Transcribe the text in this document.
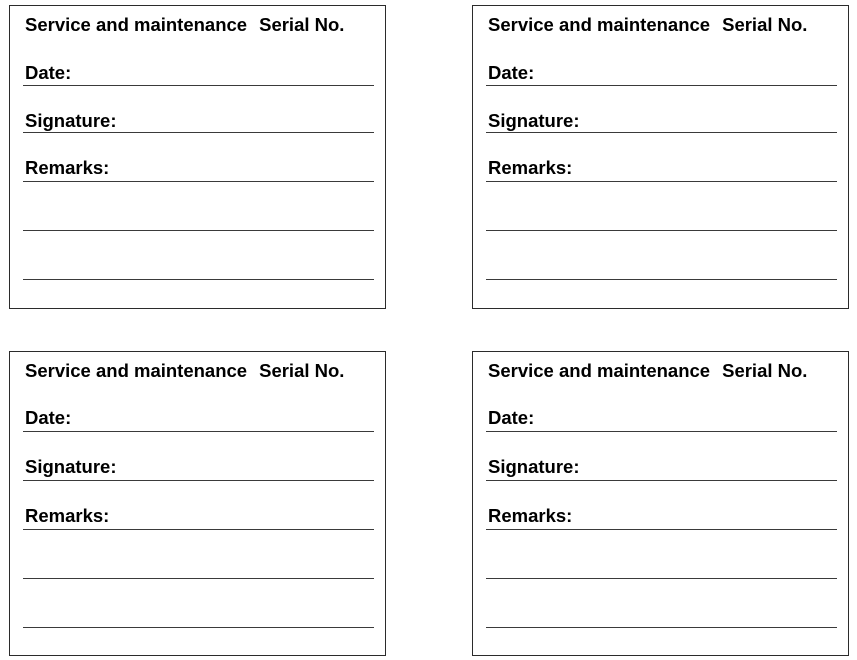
Service and maintenance Serial No.
Date:
Signature:
Remarks:
Service and maintenance Serial No.
Date:
Signature:
Remarks:
Service and maintenance Serial No.
Date:
Signature:
Remarks:
Service and maintenance Serial No.
Date:
Signature:
Remarks:
